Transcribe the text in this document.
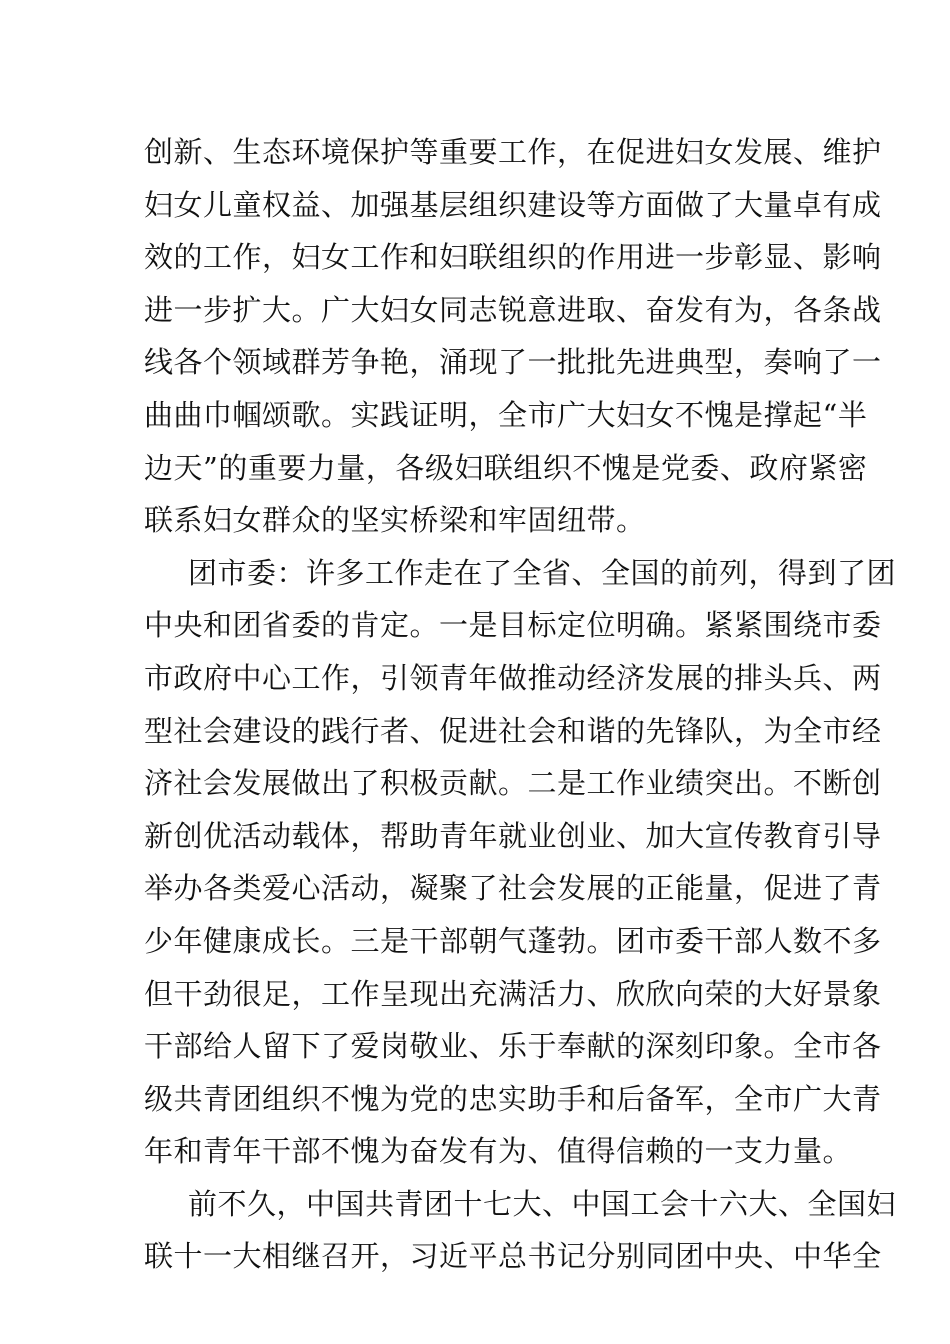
创新、生态环境保护等重要工作，在促进妇女发展、维护
妇女儿童权益、加强基层组织建设等方面做了大量卓有成
效的工作，妇女工作和妇联组织的作用进一步彰显、影响
进一步扩大。广大妇女同志锐意进取、奋发有为，各条战
线各个领域群芳争艳，涌现了一批批先进典型，奏响了一
曲曲巾帼颂歌。实践证明，全市广大妇女不愧是撑起“半
边天”的重要力量，各级妇联组织不愧是党委、政府紧密
联系妇女群众的坚实桥梁和牢固纽带。
团市委：许多工作走在了全省、全国的前列，得到了团
中央和团省委的肯定。一是目标定位明确。紧紧围绕市委
市政府中心工作，引领青年做推动经济发展的排头兵、两
型社会建设的践行者、促进社会和谐的先锋队，为全市经
济社会发展做出了积极贡献。二是工作业绩突出。不断创
新创优活动载体，帮助青年就业创业、加大宣传教育引导
举办各类爱心活动，凝聚了社会发展的正能量，促进了青
少年健康成长。三是干部朝气蓬勃。团市委干部人数不多
但干劲很足，工作呈现出充满活力、欣欣向荣的大好景象
干部给人留下了爱岗敬业、乐于奉献的深刻印象。全市各
级共青团组织不愧为党的忠实助手和后备军，全市广大青
年和青年干部不愧为奋发有为、值得信赖的一支力量。
前不久，中国共青团十七大、中国工会十六大、全国妇
联十一大相继召开，习近平总书记分别同团中央、中华全
